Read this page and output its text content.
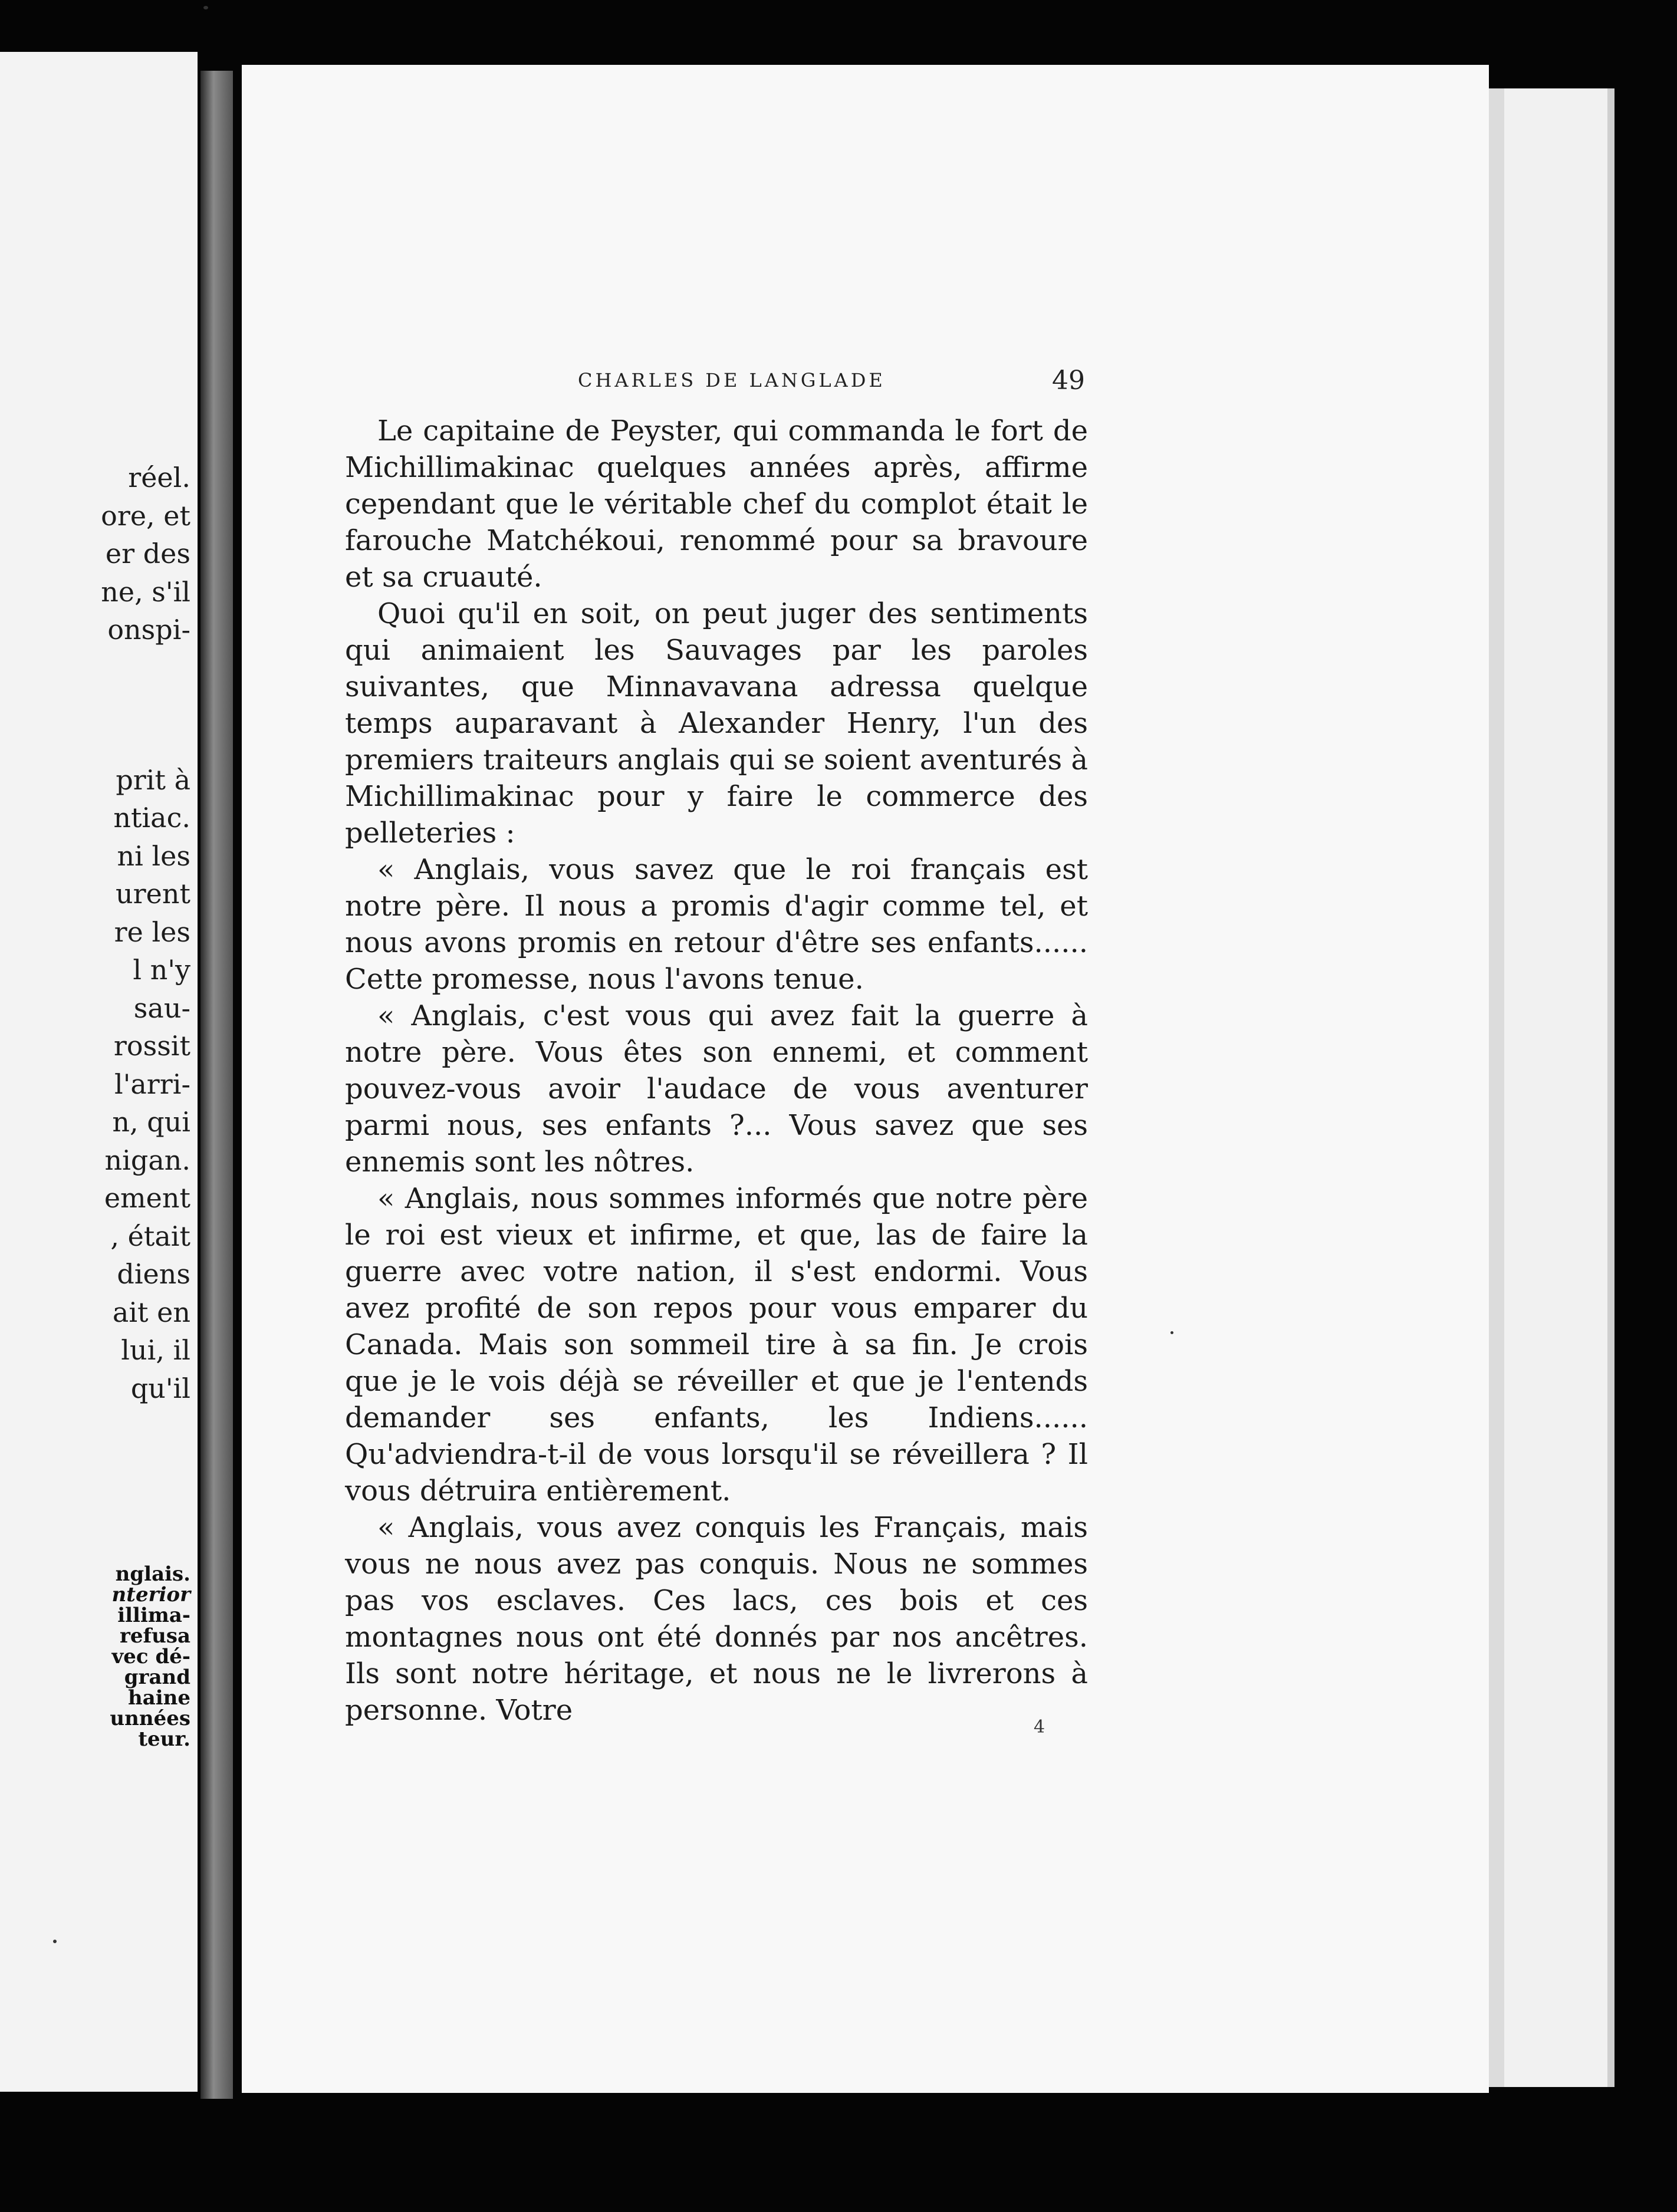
réel.
ore, et
er des
ne, s'il
onspi-
prit à
ntiac.
ni les
urent
re les
l n'y
sau-
rossit
l'arri-
n, qui
nigan.
ement
, était
diens
ait en
lui, il
qu'il
nglais.
nterior
illima-
refusa
vec dé-
grand
haine
unnées
teur.
CHARLES DE LANGLADE	49

Le capitaine de Peyster, qui commanda le fort de Michillimakinac quelques années après, affirme cependant que le véritable chef du complot était le farouche Matchékoui, renommé pour sa bravoure et sa cruauté.

Quoi qu'il en soit, on peut juger des sentiments qui animaient les Sauvages par les paroles suivantes, que Minnavavana adressa quelque temps auparavant à Alexander Henry, l'un des premiers traiteurs anglais qui se soient aventurés à Michillimakinac pour y faire le commerce des pelleteries :

« Anglais, vous savez que le roi français est notre père. Il nous a promis d'agir comme tel, et nous avons promis en retour d'être ses enfants...... Cette promesse, nous l'avons tenue.

« Anglais, c'est vous qui avez fait la guerre à notre père. Vous êtes son ennemi, et comment pouvez-vous avoir l'audace de vous aventurer parmi nous, ses enfants ?... Vous savez que ses ennemis sont les nôtres.

« Anglais, nous sommes informés que notre père le roi est vieux et infirme, et que, las de faire la guerre avec votre nation, il s'est endormi. Vous avez profité de son repos pour vous emparer du Canada. Mais son sommeil tire à sa fin. Je crois que je le vois déjà se réveiller et que je l'entends demander ses enfants, les Indiens...... Qu'adviendra-t-il de vous lorsqu'il se réveillera ? Il vous détruira entièrement.

« Anglais, vous avez conquis les Français, mais vous ne nous avez pas conquis. Nous ne sommes pas vos esclaves. Ces lacs, ces bois et ces montagnes nous ont été donnés par nos ancêtres. Ils sont notre héritage, et nous ne le livrerons à personne. Votre

4
